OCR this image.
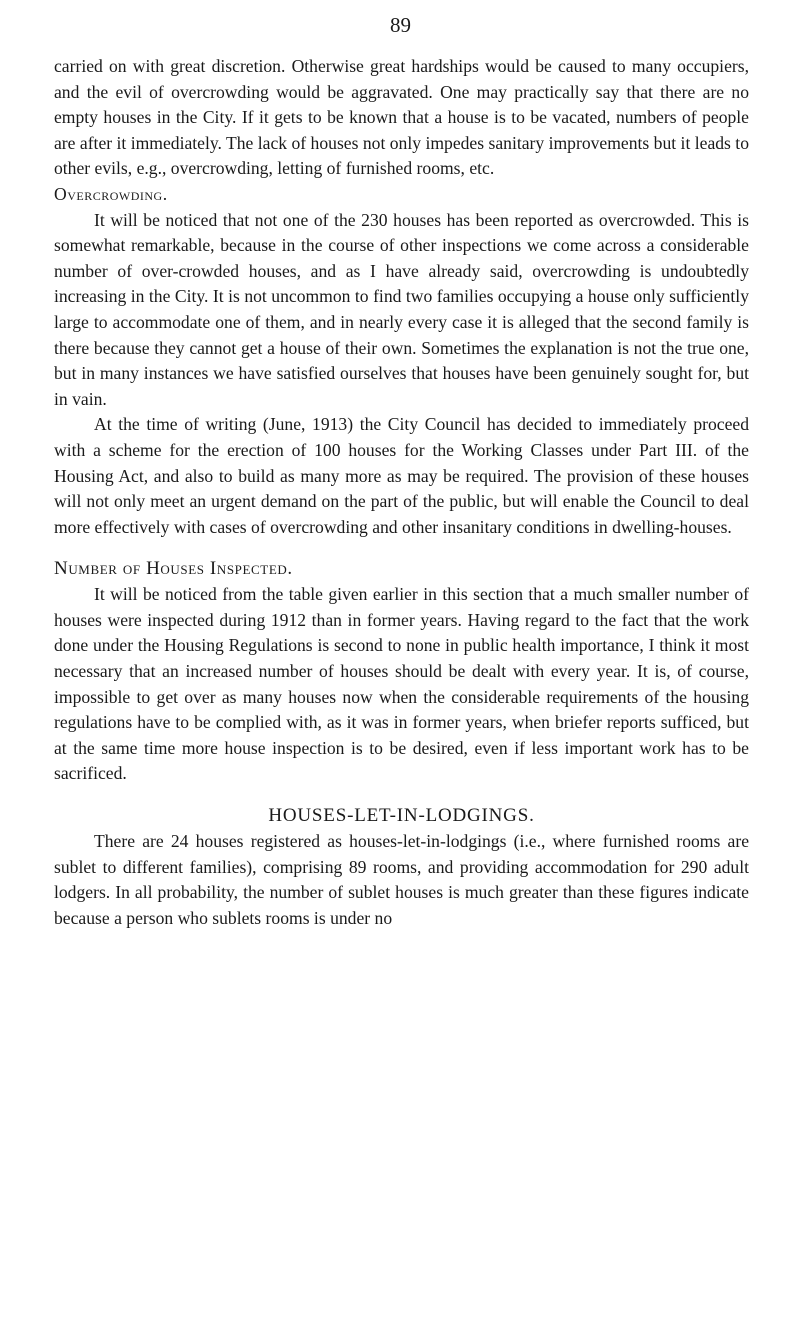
89

carried on with great discretion. Otherwise great hardships would be caused to many occupiers, and the evil of overcrowding would be aggravated. One may practically say that there are no empty houses in the City. If it gets to be known that a house is to be vacated, numbers of people are after it immediately. The lack of houses not only impedes sanitary improvements but it leads to other evils, e.g., overcrowding, letting of furnished rooms, etc.

Overcrowding.

It will be noticed that not one of the 230 houses has been reported as overcrowded. This is somewhat remarkable, because in the course of other inspections we come across a considerable number of over-crowded houses, and as I have already said, overcrowding is undoubtedly increasing in the City. It is not uncommon to find two families occupying a house only sufficiently large to accommodate one of them, and in nearly every case it is alleged that the second family is there because they cannot get a house of their own. Sometimes the explanation is not the true one, but in many instances we have satisfied ourselves that houses have been genuinely sought for, but in vain.

At the time of writing (June, 1913) the City Council has decided to immediately proceed with a scheme for the erection of 100 houses for the Working Classes under Part III. of the Housing Act, and also to build as many more as may be required. The provision of these houses will not only meet an urgent demand on the part of the public, but will enable the Council to deal more effectively with cases of overcrowding and other insanitary conditions in dwelling-houses.

Number of Houses Inspected.

It will be noticed from the table given earlier in this section that a much smaller number of houses were inspected during 1912 than in former years. Having regard to the fact that the work done under the Housing Regulations is second to none in public health importance, I think it most necessary that an increased number of houses should be dealt with every year. It is, of course, impossible to get over as many houses now when the considerable requirements of the housing regulations have to be complied with, as it was in former years, when briefer reports sufficed, but at the same time more house inspection is to be desired, even if less important work has to be sacrificed.

HOUSES-LET-IN-LODGINGS.

There are 24 houses registered as houses-let-in-lodgings (i.e., where furnished rooms are sublet to different families), comprising 89 rooms, and providing accommodation for 290 adult lodgers. In all probability, the number of sublet houses is much greater than these figures indicate because a person who sublets rooms is under no
